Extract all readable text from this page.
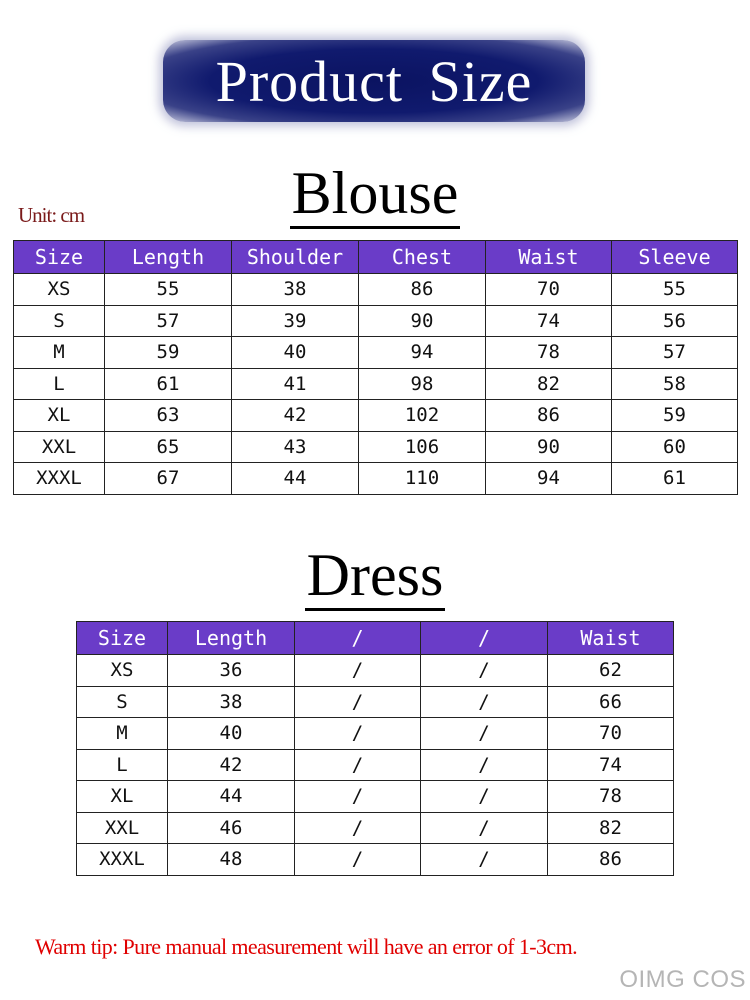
Product Size
Blouse
Unit: cm
Size	Length	Shoulder	Chest	Waist	Sleeve
XS	55	38	86	70	55
S	57	39	90	74	56
M	59	40	94	78	57
L	61	41	98	82	58
XL	63	42	102	86	59
XXL	65	43	106	90	60
XXXL	67	44	110	94	61
Dress
Size	Length	/	/	Waist
XS	36	/	/	62
S	38	/	/	66
M	40	/	/	70
L	42	/	/	74
XL	44	/	/	78
XXL	46	/	/	82
XXXL	48	/	/	86
Warm tip: Pure manual measurement will have an error of 1-3cm.
OIMG COS
